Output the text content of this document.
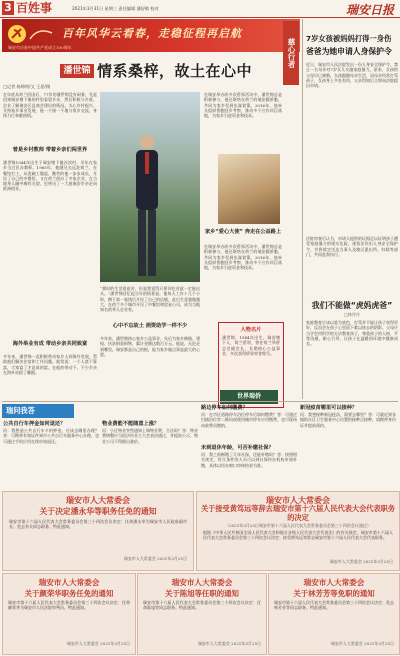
3 百姓事	2021年3月31日 星期三 责任编辑 潘舒敏 校对	瑞安日报
百年风华云看春，走稳征程再启航
瑞安市庆祝中国共产党成立100周年	慈心行者
潘世锦 情系桑梓，故土在心中
□记者 杨锦明/文 王思/摄
在年底从荷兰回国后，77岁的潘世锦没有闲着，先是回到瑞安塘下镇的村里看望乡亲，然后积极与乡贤、企业了解瑞安区县商会建设的情况。关心乡村振兴，支持家乡事业发展，他一个接一个地与家乡交流，身体力行奉献热情。
曾是乡村教师 带着乡亲们闯世界
潘世锦1944年出生于瑞安塘下镇沙渎村，早年在家乡当过民办教师。1965年，他随兄长远赴荷兰，在餐馆打工。从洗碗工做起，勤劳的他一步步成长，开设了自己的中餐馆，又在荷兰创办了多家企业，在当地华人圈中颇有名望，也带出了一大批瑞安乡亲走向欧洲创业。
海外举业有成 带动乡亲共同致富
多年来，潘世锦一直积极带动家乡人到海外发展，帮助他们解决住宿和工作问题。他常说：一个人富不算富，大家富了才是真的富。在他的带动下，不少乡亲在海外站稳了脚跟。
“那时的生活很艰苦，但是我觉得只要肯吃苦就一定能出头。”潘世锦回忆起当年的情景说。他每天工作十几个小时，攒下第一笔钱后开设了自己的店铺，此后生意越做越大，在荷兰多个城市开设了中餐馆和贸易公司，成为当地知名的华人企业家。
心中不忘故土 捐资助学一样不少
多年来，潘世锦热心家乡公益事业，先后为家乡修路、建校、扶贫捐款捐物，累计金额达数百万元。他说，无论走到哪里，瑞安都是自己的根，能为家乡做点事是最大的心愿。
在瑞安举办的多次侨界活动中，潘世锦总是积极参与，他还联络在荷兰的瑞安籍侨胞，共同为家乡发展出谋划策。2016年，他牵头组织侨胞回乡考察，推动多个合作项目落地，为家乡引进资金和技术。
家乡“爱心大使” 奔走在公益路上
在瑞安举办的多次侨界活动中，潘世锦总是积极参与，他还联络在荷兰的瑞安籍侨胞，共同为家乡发展出谋划策。2016年，他牵头组织侨胞回乡考察，推动多个合作项目落地，为家乡引进资金和技术。
人物名片
潘世锦，1944年出生，瑞安塘下人，荷兰侨领，曾任荷兰华侨总会副会长，长期热心公益事业，多次获得侨界荣誉称号。
世界瑞侨
7岁女孩被妈妈打得一身伤
爸爸为她申请人身保护令
近日，瑞安市人民法院发出一份人身安全保护令，禁止一名母亲对7岁女儿实施家庭暴力。原来，女孩的父母早已离婚，女孩跟随母亲生活，因母亲经常打骂孩子，女孩身上多处有伤，父亲得知后立即向法院提出申请。
法院审查后认为，申请人提供的证据足以证明孩子遭受家庭暴力的现实危险，遂依法作出人身安全保护令，并将裁定送达当事人及辖区派出所、妇联等部门，共同监督执行。
我们不能做“虎妈虎爸”
□林丹丹
家庭教育应该以爱为底色，打骂并不能让孩子变得更好，反而会在孩子心里留下难以抹去的阴影。父母应当学会用科学的方法教育孩子，尊重孩子的人格，平等沟通，耐心引导，让孩子在温暖的环境中健康成长。
瑞问我答
公共自行车押金如何退还？
问：我想退公共自行车卡的押金，应该去哪里办理？答：可携带有效证件到市公共自行车服务中心办理，也可通过手机应用在线申请退还。
物业费能不能随意上涨？
问：小区物业突然通知上调物业费，合法吗？答：物业费调整应当依法经业主大会表决通过，并提前公示，物业公司不得擅自涨价。
路边停车如何缴费？
问：在市区道路停车泊位停车后如何缴费？答：可通过扫描泊位旁二维码或使用城市停车应用缴费，也可现场向收费员缴纳。
未到退休年龄，可否补缴社保？
问：我之前断缴了几年社保，还能补缴吗？答：按照相关规定，符合条件的人员可以到社保经办机构申请补缴，具体以经办窗口审核结果为准。
新冠疫苗哪里可以接种？
问：我想接种新冠疫苗，需要去哪里？答：可就近到各镇街社区卫生服务中心设置的接种点接种，请携带身份证并提前预约。
瑞安市人大常委会
关于决定潘永华等职务任免的通知
瑞安市第十六届人民代表大会常务委员会第三十四次会议决定：任命潘永华为瑞安市人民政府副市长；免去有关同志职务。特此通知。
瑞安市人大常委会 2021年3月25日
瑞安市人大常委会
关于接受黄笃远等辞去瑞安市第十六届人民代表大会代表职务的决定
（2021年3月25日瑞安市第十六届人民代表大会常务委员会第三十四次会议通过）
根据《中华人民共和国全国人民代表大会和地方各级人民代表大会代表法》的有关规定，瑞安市第十六届人民代表大会常务委员会第三十四次会议决定：接受黄笃远等辞去瑞安市第十六届人民代表大会代表职务。
瑞安市人大常委会 2021年3月25日
瑞安市人大常委会
关于颜荣华职务任免的通知
瑞安市第十六届人民代表大会常务委员会第三十四次会议决定：任命颜荣华为瑞安市人民法院审判员。特此通知。
瑞安市人大常委会 2021年3月25日
瑞安市人大常委会
关于陈旭等任职的通知
瑞安市第十六届人民代表大会常务委员会第三十四次会议决定：任命陈旭等同志职务。特此通知。
瑞安市人大常委会 2021年3月25日
瑞安市人大常委会
关于林芳芳等免职的通知
瑞安市第十六届人民代表大会常务委员会第三十四次会议决定：免去林芳芳等同志职务。特此通知。
瑞安市人大常委会 2021年3月25日
